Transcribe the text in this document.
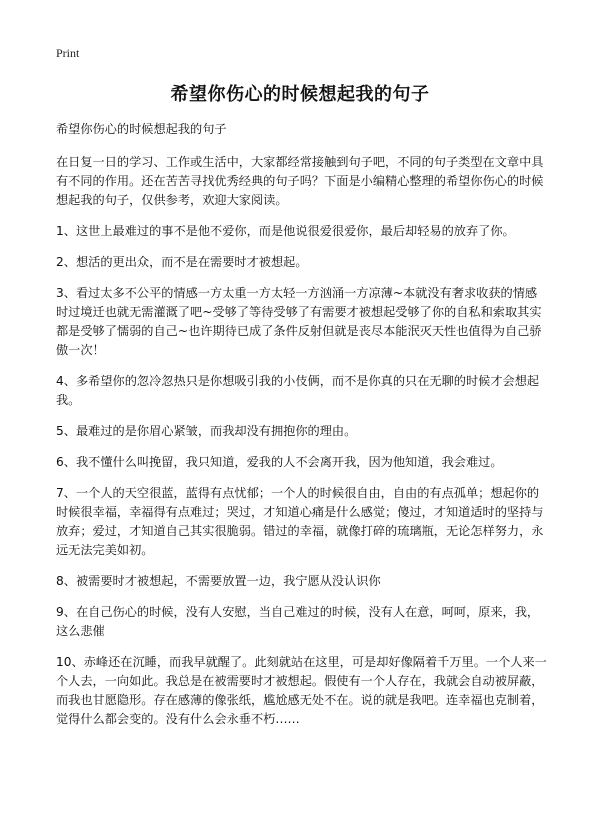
Print
希望你伤心的时候想起我的句子

希望你伤心的时候想起我的句子

在日复一日的学习、工作或生活中，大家都经常接触到句子吧，不同的句子类型在文章中具有不同的作用。还在苦苦寻找优秀经典的句子吗？下面是小编精心整理的希望你伤心的时候想起我的句子，仅供参考，欢迎大家阅读。

1、这世上最难过的事不是他不爱你，而是他说很爱很爱你，最后却轻易的放弃了你。

2、想活的更出众，而不是在需要时才被想起。

3、看过太多不公平的情感一方太重一方太轻一方汹涌一方凉薄~本就没有奢求收获的情感时过境迁也就无需灌溉了吧~受够了等待受够了有需要才被想起受够了你的自私和索取其实都是受够了懦弱的自己~也许期待已成了条件反射但就是丧尽本能泯灭天性也值得为自己骄傲一次！

4、多希望你的忽冷忽热只是你想吸引我的小伎俩，而不是你真的只在无聊的时候才会想起我。

5、最难过的是你眉心紧皱，而我却没有拥抱你的理由。

6、我不懂什么叫挽留，我只知道，爱我的人不会离开我，因为他知道，我会难过。

7、一个人的天空很蓝，蓝得有点忧郁；一个人的时候很自由，自由的有点孤单；想起你的时候很幸福，幸福得有点难过；哭过，才知道心痛是什么感觉；傻过，才知道适时的坚持与放弃；爱过，才知道自己其实很脆弱。错过的幸福，就像打碎的琉璃瓶，无论怎样努力，永远无法完美如初。

8、被需要时才被想起，不需要放置一边，我宁愿从没认识你

9、在自己伤心的时候，没有人安慰，当自己难过的时候，没有人在意，呵呵，原来，我，这么悲催

10、赤峰还在沉睡，而我早就醒了。此刻就站在这里，可是却好像隔着千万里。一个人来一个人去，一向如此。我总是在被需要时才被想起。假使有一个人存在，我就会自动被屏蔽，而我也甘愿隐形。存在感薄的像张纸，尴尬感无处不在。说的就是我吧。连幸福也克制着，觉得什么都会变的。没有什么会永垂不朽……
